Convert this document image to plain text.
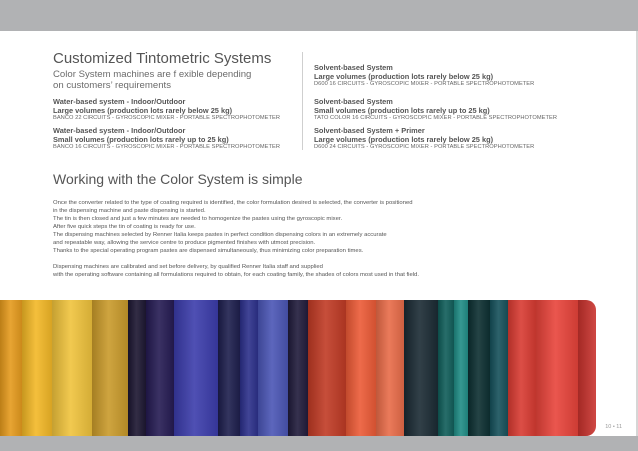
Customized Tintometric Systems
Color System machines are f exible depending
on customers’ requirements
Water-based system - Indoor/Outdoor
Large volumes (production lots rarely below 25 kg)
BANCO 22 CIRCUITS - GYROSCOPIC MIXER - PORTABLE SPECTROPHOTOMETER
Water-based system - Indoor/Outdoor
Small volumes (production lots rarely up to 25 kg)
BANCO 16 CIRCUITS - GYROSCOPIC MIXER - PORTABLE SPECTROPHOTOMETER
Solvent-based System
Large volumes (production lots rarely below 25 kg)
D600 16 CIRCUITS - GYROSCOPIC MIXER - PORTABLE SPECTROPHOTOMETER
Solvent-based System
Small volumes (production lots rarely up to 25 kg)
TATO COLOR 16 CIRCUITS - GYROSCOPIC MIXER - PORTABLE SPECTROPHOTOMETER
Solvent-based System + Primer
Large volumes (production lots rarely below 25 kg)
D600 24 CIRCUITS - GYROSCOPIC MIXER - PORTABLE SPECTROPHOTOMETER
Working with the Color System is simple

Once the converter related to the type of coating required is identified, the color formulation desired is selected, the converter is positioned

in the dispensing machine and paste dispensing is started.

The tin is then closed and just a few minutes are needed to homogenize the pastes using the gyroscopic mixer.

After five quick steps the tin of coating is ready for use.

The dispensing machines selected by Renner Italia keeps pastes in perfect condition dispensing colors in an extremely accurate

and repeatable way, allowing the service centre to produce pigmented finishes with utmost precision.

Thanks to the special operating program pastes are dispensed simultaneously, thus minimizing color preparation times.

Dispensing machines are calibrated and set before delivery, by qualified Renner Italia staff and supplied

with the operating software containing all formulations required to obtain, for each coating family, the shades of colors most used in that field.

10 • 11
